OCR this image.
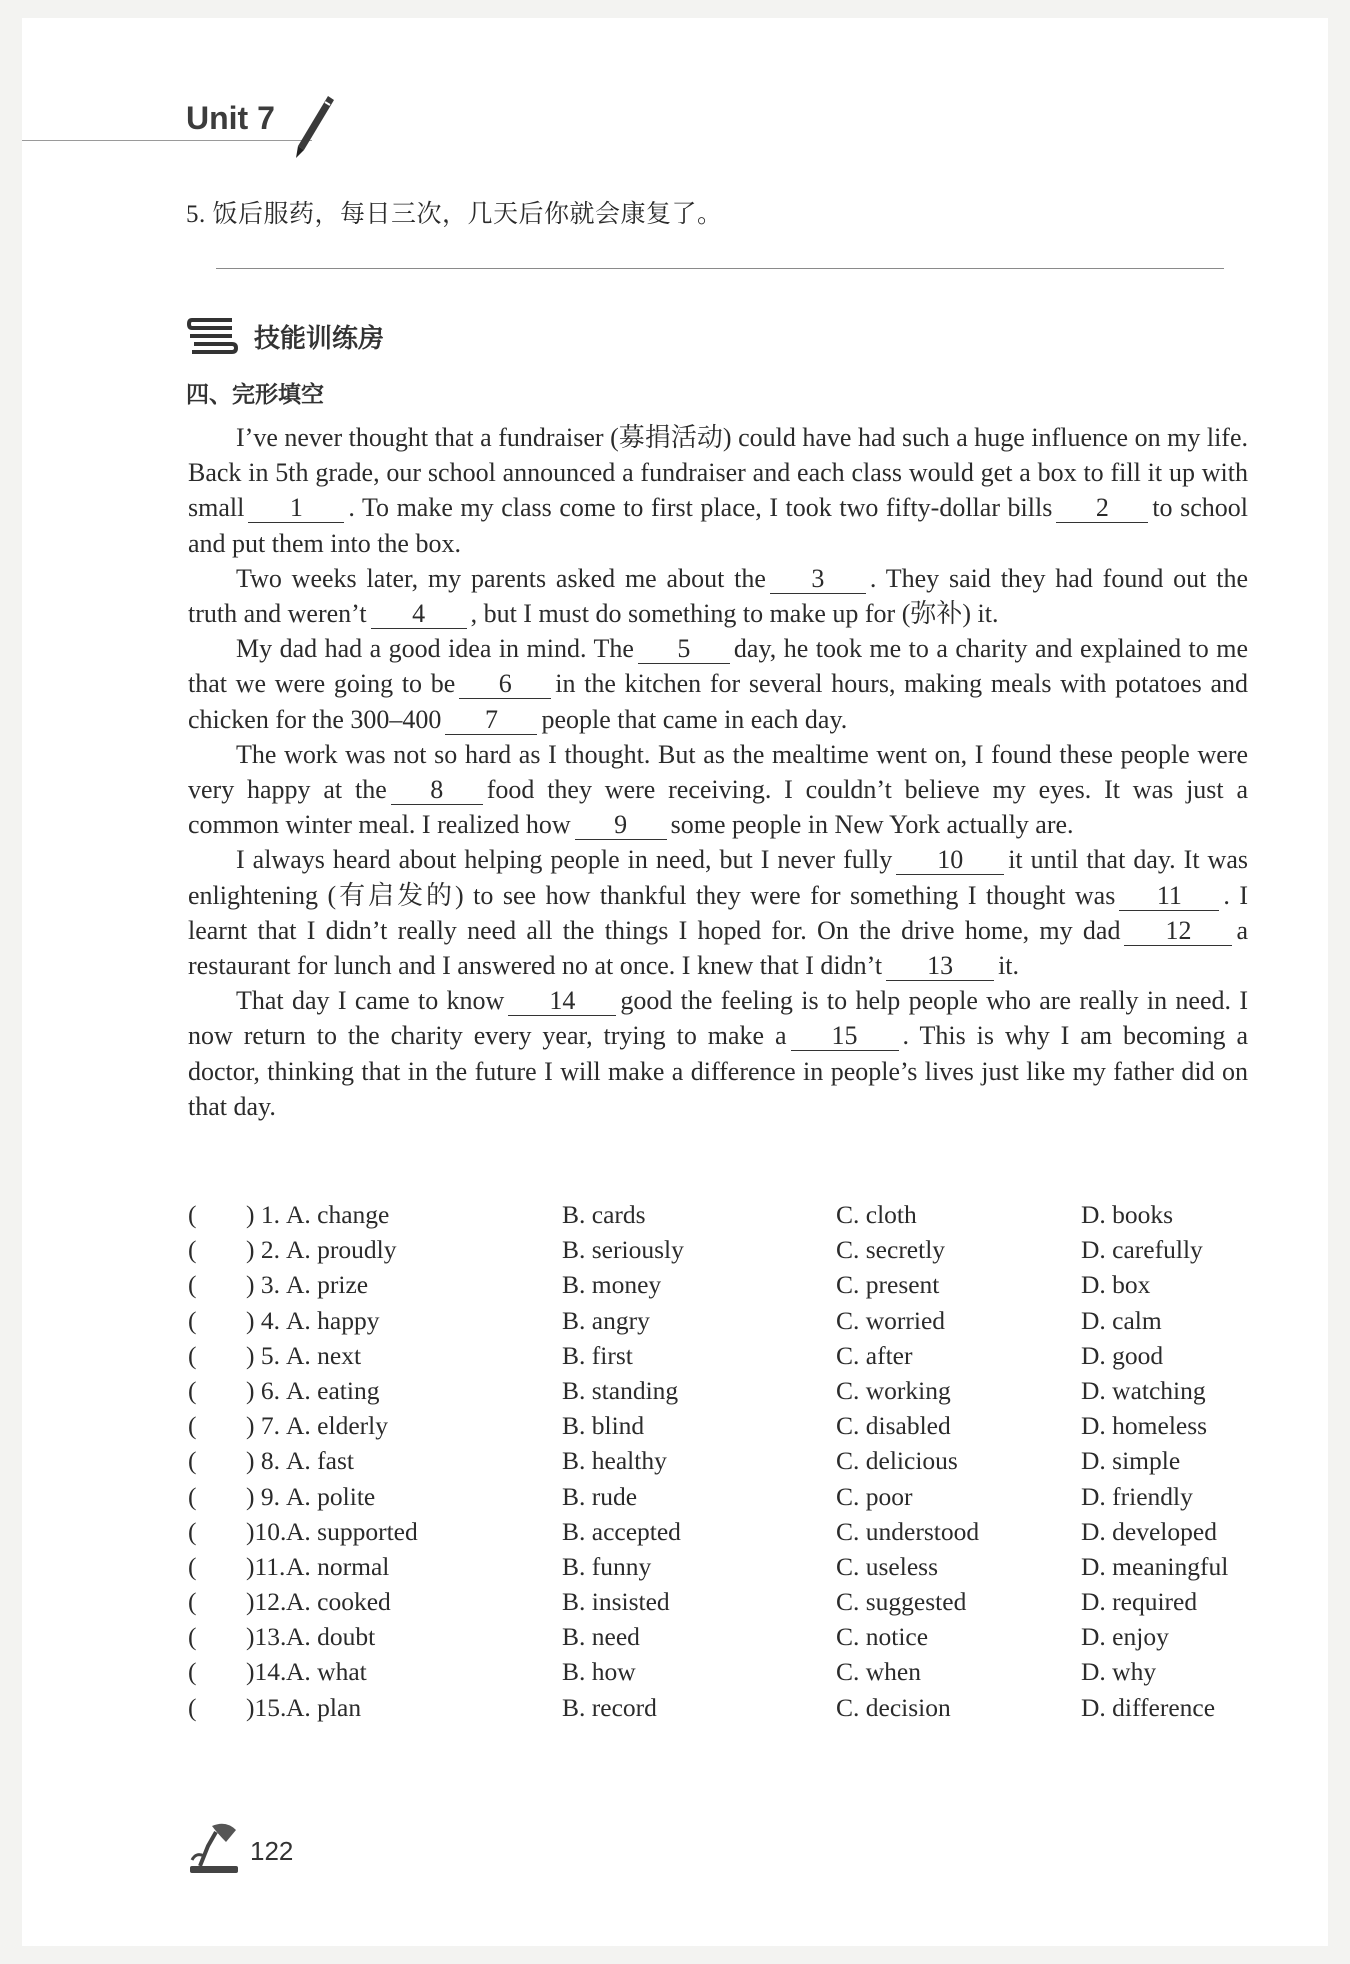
Unit 7
5. 饭后服药，每日三次，几天后你就会康复了。
技能训练房
四、完形填空

I’ve never thought that a fundraiser (募捐活动) could have had such a huge influence on my life. Back in 5th grade, our school announced a fundraiser and each class would get a box to fill it up with small 1 . To make my class come to first place, I took two fifty-dollar bills 2 to school and put them into the box.

Two weeks later, my parents asked me about the 3 . They said they had found out the truth and weren’t 4 , but I must do something to make up for (弥补) it.

My dad had a good idea in mind. The 5 day, he took me to a charity and explained to me that we were going to be 6 in the kitchen for several hours, making meals with potatoes and chicken for the 300–400 7 people that came in each day.

The work was not so hard as I thought. But as the mealtime went on, I found these people were very happy at the 8 food they were receiving. I couldn’t believe my eyes. It was just a common winter meal. I realized how 9 some people in New York actually are.

I always heard about helping people in need, but I never fully 10 it until that day. It was enlightening (有启发的) to see how thankful they were for something I thought was 11 . I learnt that I didn’t really need all the things I hoped for. On the drive home, my dad 12 a restaurant for lunch and I answered no at once. I knew that I didn’t 13 it.

That day I came to know 14 good the feeling is to help people who are really in need. I now return to the charity every year, trying to make a 15 . This is why I am becoming a doctor, thinking that in the future I will make a difference in people’s lives just like my father did on that day.

( ) 1. A. change	B. cards	C. cloth	D. books
( ) 2. A. proudly	B. seriously	C. secretly	D. carefully
( ) 3. A. prize	B. money	C. present	D. box
( ) 4. A. happy	B. angry	C. worried	D. calm
( ) 5. A. next	B. first	C. after	D. good
( ) 6. A. eating	B. standing	C. working	D. watching
( ) 7. A. elderly	B. blind	C. disabled	D. homeless
( ) 8. A. fast	B. healthy	C. delicious	D. simple
( ) 9. A. polite	B. rude	C. poor	D. friendly
( )10. A. supported	B. accepted	C. understood	D. developed
( )11. A. normal	B. funny	C. useless	D. meaningful
( )12. A. cooked	B. insisted	C. suggested	D. required
( )13. A. doubt	B. need	C. notice	D. enjoy
( )14. A. what	B. how	C. when	D. why
( )15. A. plan	B. record	C. decision	D. difference
122
